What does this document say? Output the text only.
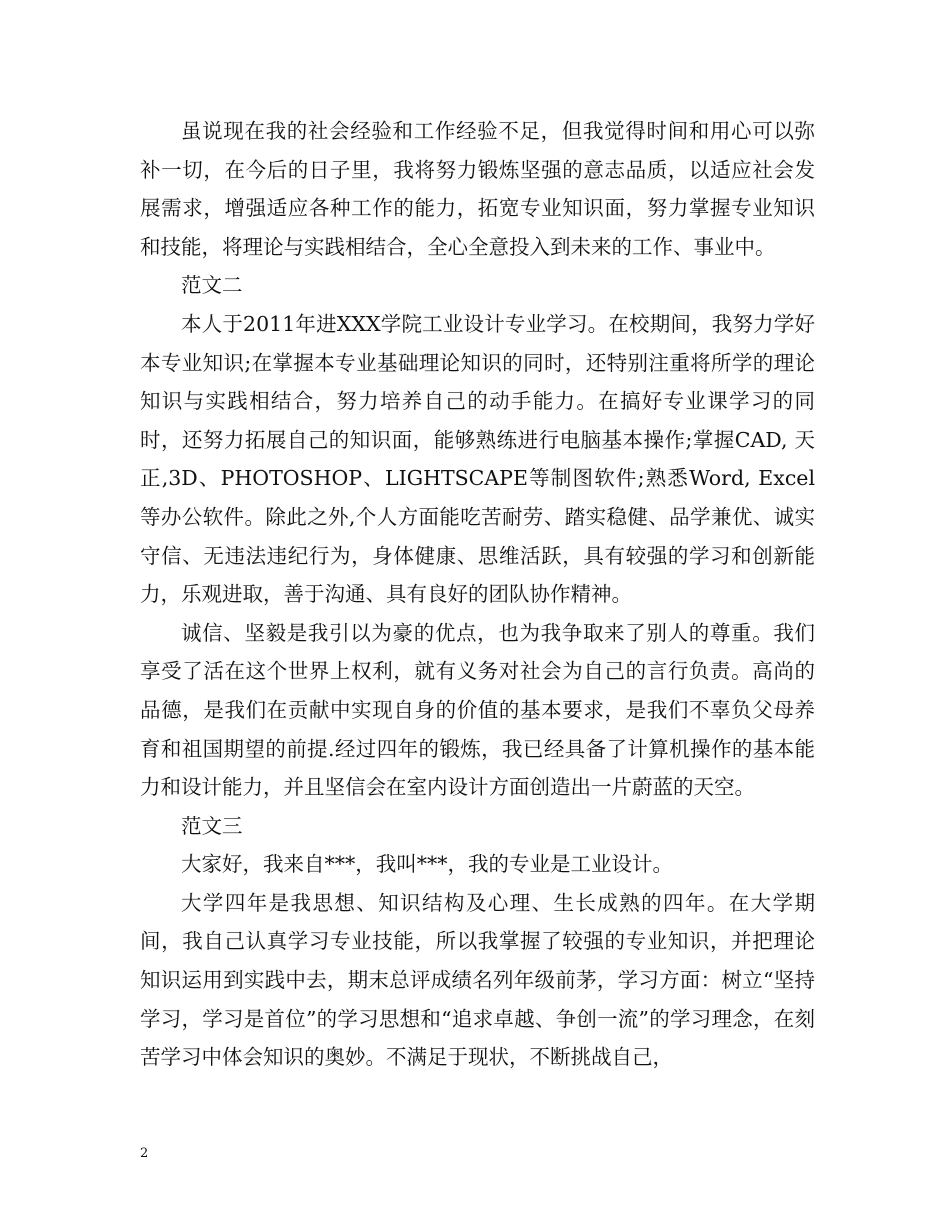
虽说现在我的社会经验和工作经验不足，但我觉得时间和用心可以弥补一切，在今后的日子里，我将努力锻炼坚强的意志品质，以适应社会发展需求，增强适应各种工作的能力，拓宽专业知识面，努力掌握专业知识和技能，将理论与实践相结合，全心全意投入到未来的工作、事业中。

范文二

本人于2011年进XXX学院工业设计专业学习。在校期间，我努力学好本专业知识;在掌握本专业基础理论知识的同时，还特别注重将所学的理论知识与实践相结合，努力培养自己的动手能力。在搞好专业课学习的同时，还努力拓展自己的知识面，能够熟练进行电脑基本操作;掌握CAD, 天正,3D、PHOTOSHOP、LIGHTSCAPE等制图软件;熟悉Word, Excel 等办公软件。除此之外,个人方面能吃苦耐劳、踏实稳健、品学兼优、诚实守信、无违法违纪行为，身体健康、思维活跃，具有较强的学习和创新能力，乐观进取，善于沟通、具有良好的团队协作精神。

诚信、坚毅是我引以为豪的优点，也为我争取来了别人的尊重。我们享受了活在这个世界上权利，就有义务对社会为自己的言行负责。高尚的品德，是我们在贡献中实现自身的价值的基本要求，是我们不辜负父母养育和祖国期望的前提.经过四年的锻炼，我已经具备了计算机操作的基本能力和设计能力，并且坚信会在室内设计方面创造出一片蔚蓝的天空。

范文三

大家好，我来自***，我叫***，我的专业是工业设计。

大学四年是我思想、知识结构及心理、生长成熟的四年。在大学期间，我自己认真学习专业技能，所以我掌握了较强的专业知识，并把理论知识运用到实践中去，期末总评成绩名列年级前茅，学习方面：树立“坚持学习，学习是首位”的学习思想和“追求卓越、争创一流”的学习理念，在刻苦学习中体会知识的奥妙。不满足于现状，不断挑战自己，

2
